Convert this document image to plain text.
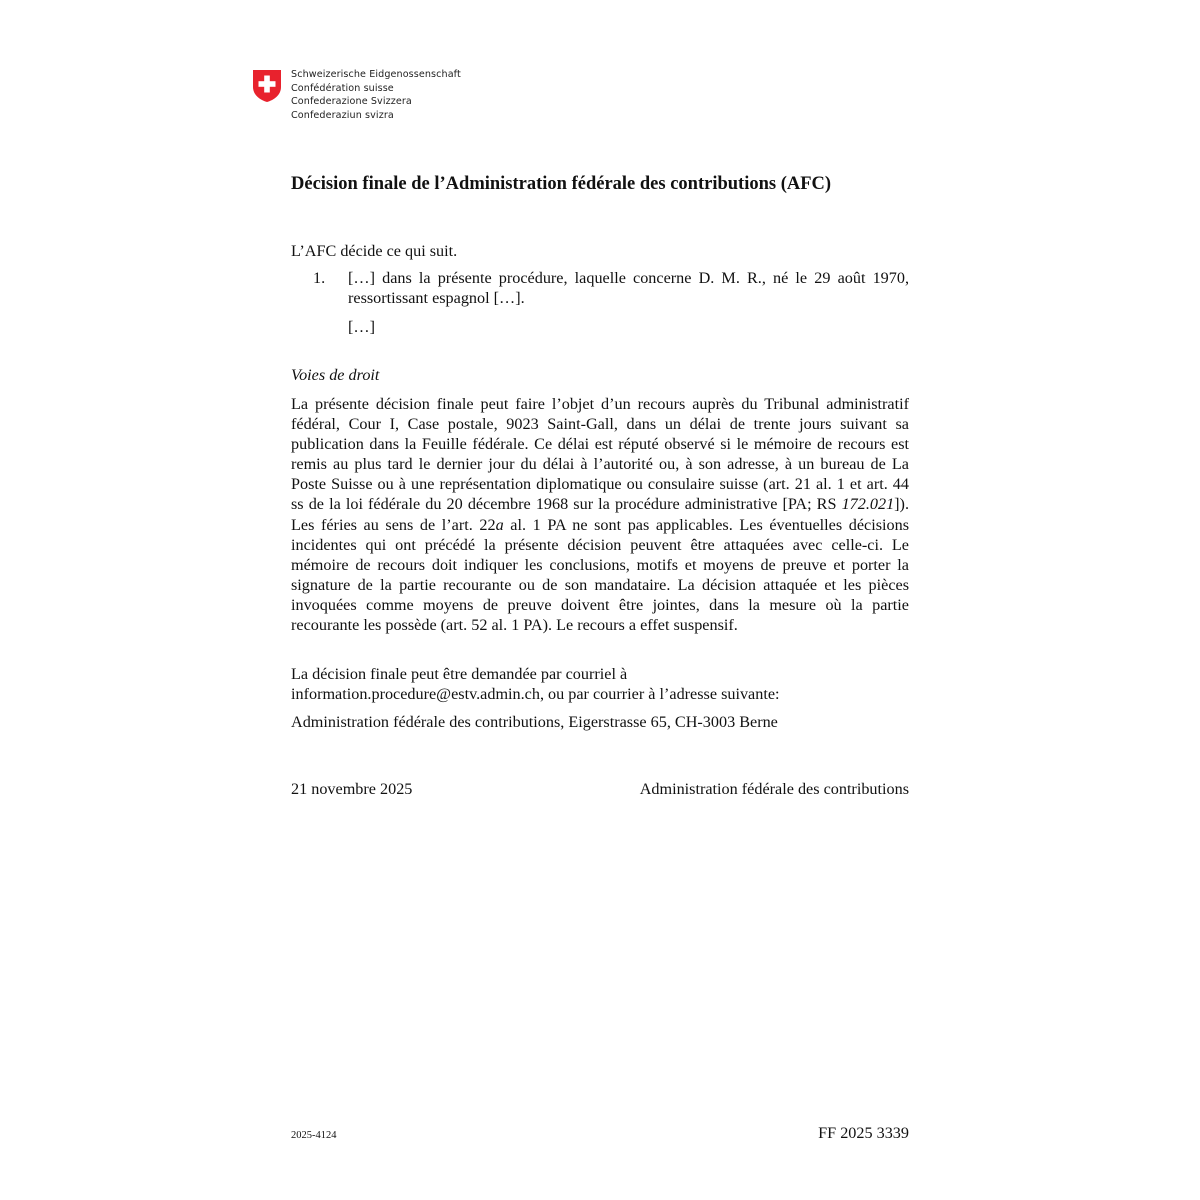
Schweizerische Eidgenossenschaft
Confédération suisse
Confederazione Svizzera
Confederaziun svizra
Décision finale de l’Administration fédérale des contributions (AFC)
L’AFC décide ce qui suit.
1.	[…] dans la présente procédure, laquelle concerne D. M. R., né le 29 août 1970, ressortissant espagnol […].
[…]
Voies de droit

La présente décision finale peut faire l’objet d’un recours auprès du Tribunal administratif fédéral, Cour I, Case postale, 9023 Saint-Gall, dans un délai de trente jours suivant sa publication dans la Feuille fédérale. Ce délai est réputé observé si le mémoire de recours est remis au plus tard le dernier jour du délai à l’autorité ou, à son adresse, à un bureau de La Poste Suisse ou à une représentation diplomatique ou consulaire suisse (art. 21 al. 1 et art. 44 ss de la loi fédérale du 20 décembre 1968 sur la procédure administrative [PA; RS 172.021]). Les féries au sens de l’art. 22a al. 1 PA ne sont pas applicables. Les éventuelles décisions incidentes qui ont précédé la présente décision peuvent être attaquées avec celle-ci. Le mémoire de recours doit indiquer les conclusions, motifs et moyens de preuve et porter la signature de la partie recourante ou de son mandataire. La décision attaquée et les pièces invoquées comme moyens de preuve doivent être jointes, dans la mesure où la partie recourante les possède (art. 52 al. 1 PA). Le recours a effet suspensif.

La décision finale peut être demandée par courriel à
information.procedure@estv.admin.ch, ou par courrier à l’adresse suivante:
Administration fédérale des contributions, Eigerstrasse 65, CH-3003 Berne
21 novembre 2025	Administration fédérale des contributions
2025-4124	FF 2025 3339
